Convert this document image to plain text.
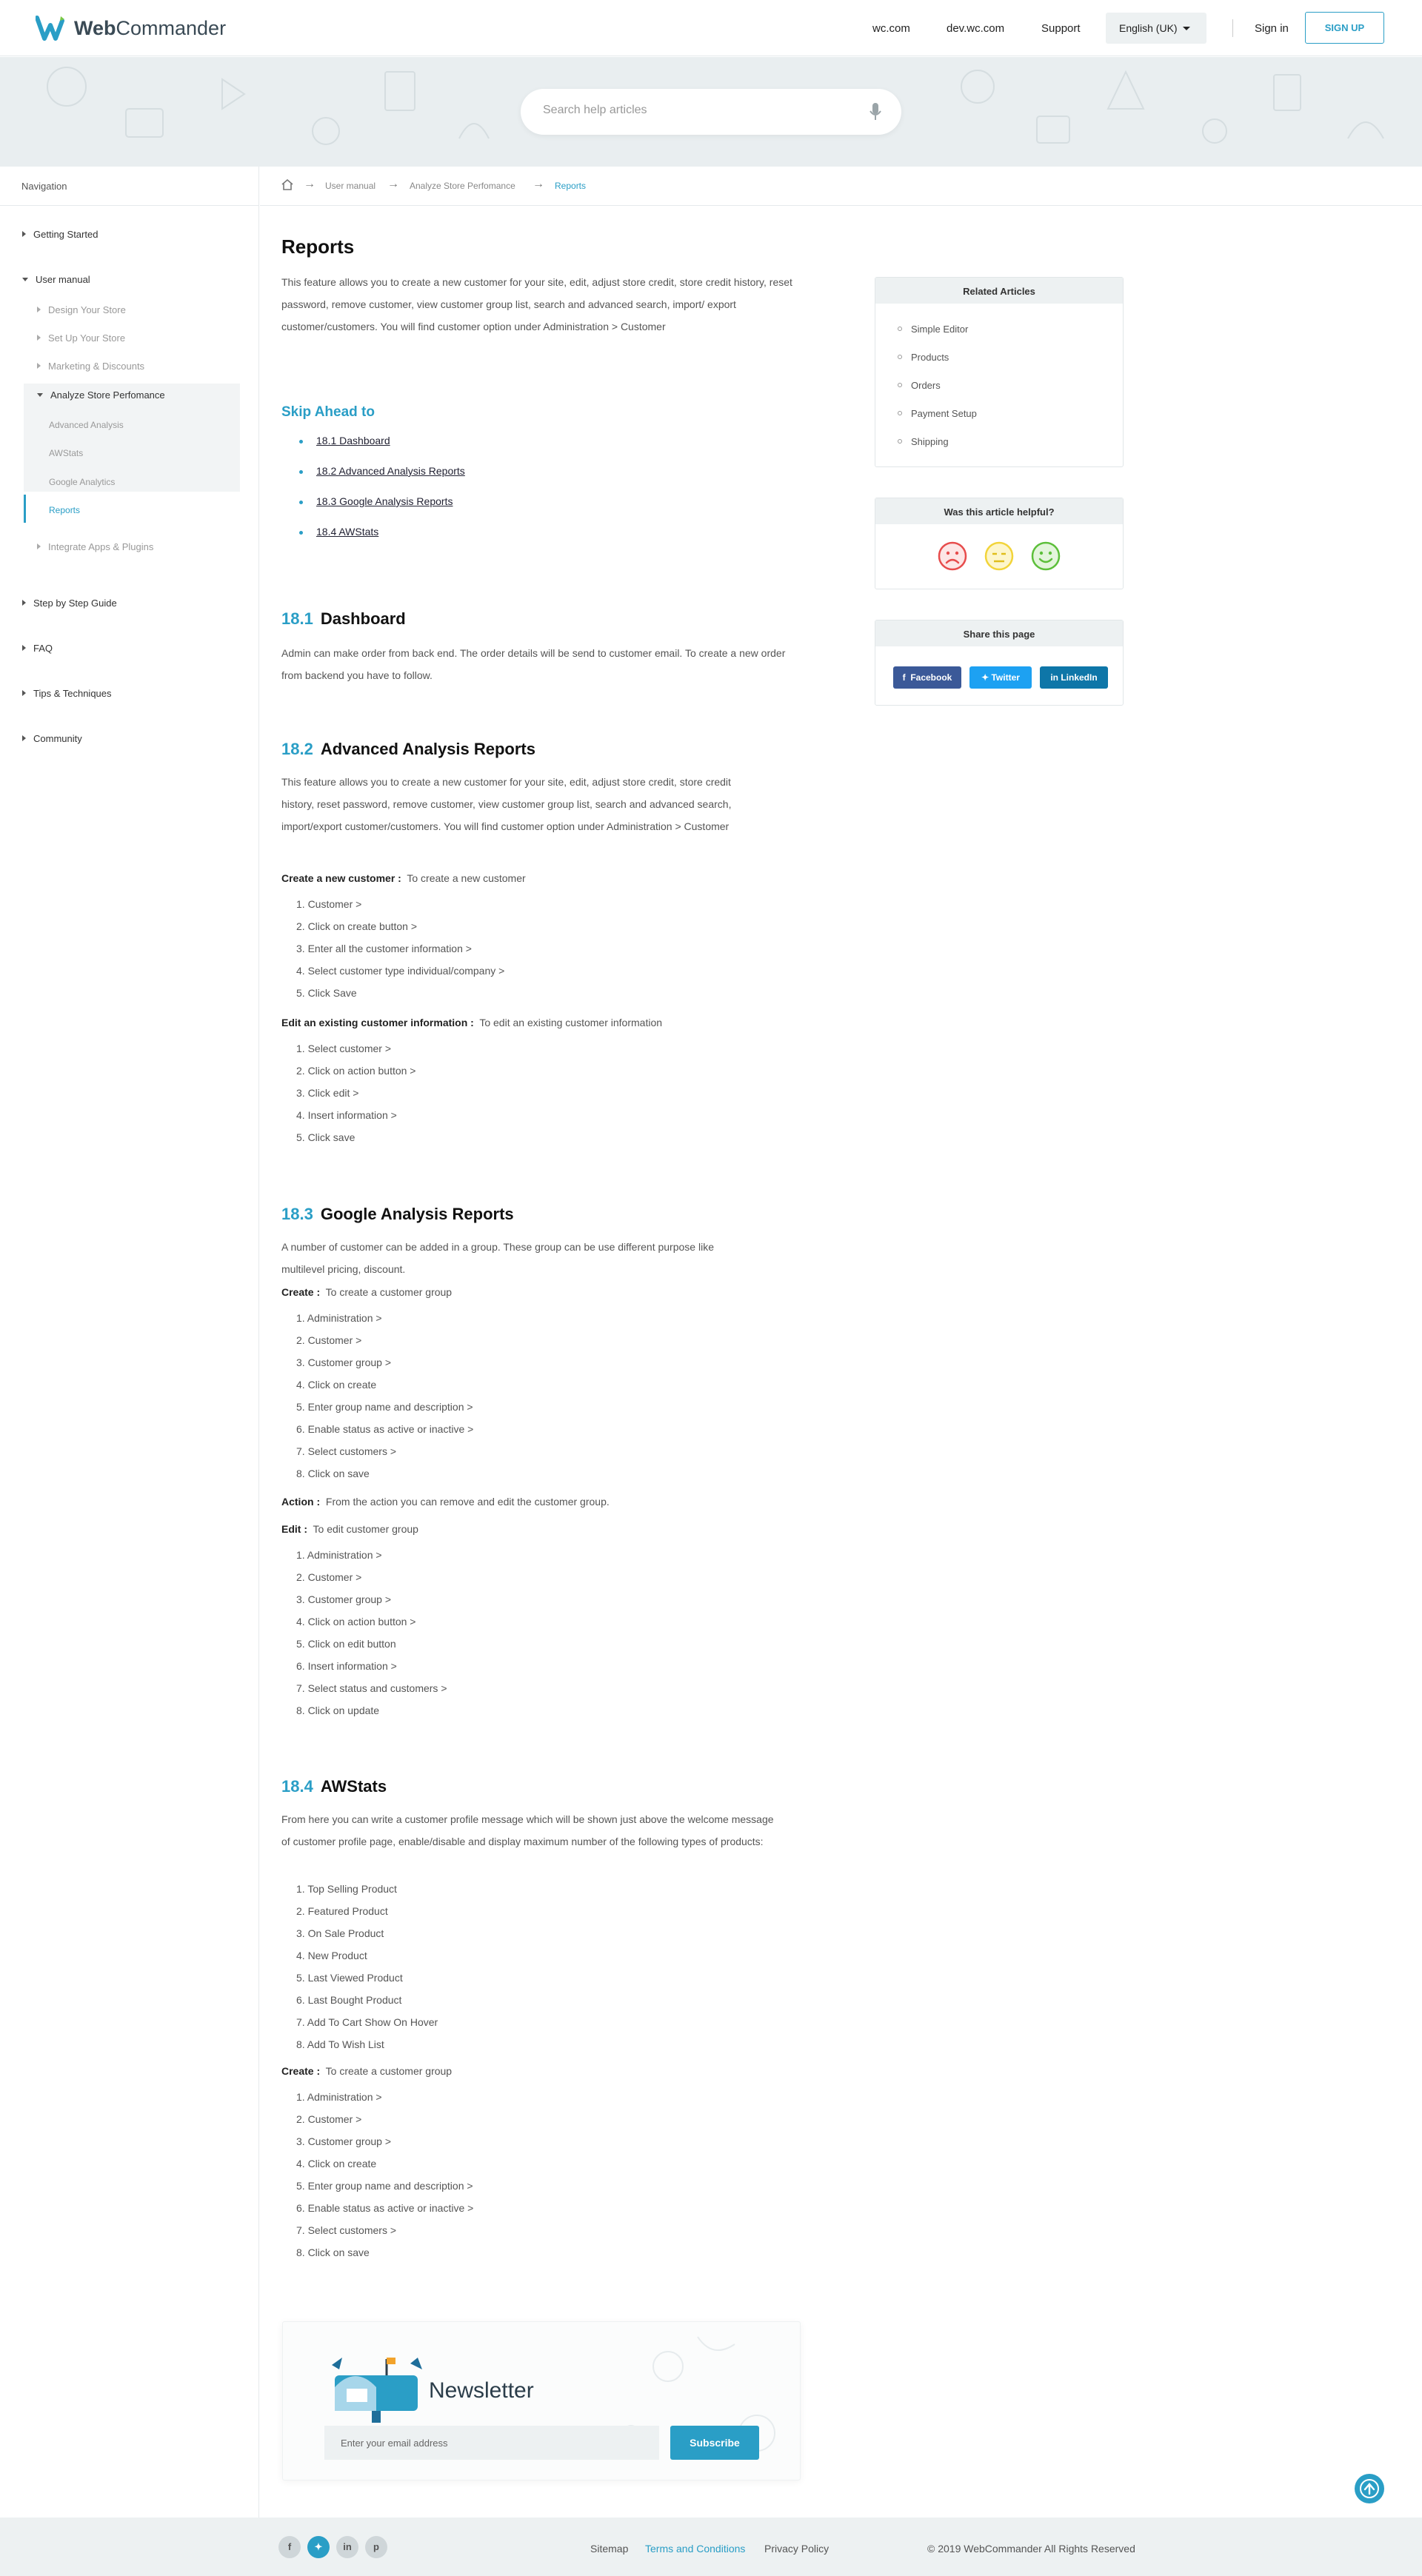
WebCommander	wc.com	dev.wc.com	Support	English (UK)	Sign in	SIGN UP
Search help articles
Navigation
Getting Started
User manual
Design Your Store
Set Up Your Store
Marketing & Discounts
Analyze Store Perfomance
Advanced Analysis
AWStats
Google Analytics
Reports
Integrate Apps & Plugins
Step by Step Guide
FAQ
Tips & Techniques
Community
→ User manual → Analyze Store Perfomance → Reports
Reports
This feature allows you to create a new customer for your site, edit, adjust store credit, store credit history, reset password, remove customer, view customer group list, search and advanced search, import/ export customer/customers. You will find customer option under Administration > Customer
Skip Ahead to
18.1 Dashboard
18.2 Advanced Analysis Reports
18.3 Google Analysis Reports
18.4 AWStats
18.1 Dashboard
Admin can make order from back end. The order details will be send to customer email. To create a new order from backend you have to follow.
18.2 Advanced Analysis Reports
This feature allows you to create a new customer for your site, edit, adjust store credit, store credit history, reset password, remove customer, view customer group list, search and advanced search, import/export customer/customers. You will find customer option under Administration > Customer
Create a new customer : To create a new customer
1. Customer >
2. Click on create button >
3. Enter all the customer information >
4. Select customer type individual/company >
5. Click Save
Edit an existing customer information : To edit an existing customer information
1. Select customer >
2. Click on action button >
3. Click edit >
4. Insert information >
5. Click save
18.3 Google Analysis Reports
A number of customer can be added in a group. These group can be use different purpose like multilevel pricing, discount.
Create : To create a customer group
1. Administration >
2. Customer >
3. Customer group >
4. Click on create
5. Enter group name and description >
6. Enable status as active or inactive >
7. Select customers >
8. Click on save
Action : From the action you can remove and edit the customer group.
Edit : To edit customer group
1. Administration >
2. Customer >
3. Customer group >
4. Click on action button >
5. Click on edit button
6. Insert information >
7. Select status and customers >
8. Click on update
18.4 AWStats
From here you can write a customer profile message which will be shown just above the welcome message of customer profile page, enable/disable and display maximum number of the following types of products:
1. Top Selling Product
2. Featured Product
3. On Sale Product
4. New Product
5. Last Viewed Product
6. Last Bought Product
7. Add To Cart Show On Hover
8. Add To Wish List
Create : To create a customer group
1. Administration >
2. Customer >
3. Customer group >
4. Click on create
5. Enter group name and description >
6. Enable status as active or inactive >
7. Select customers >
8. Click on save
Related Articles
Simple Editor
Products
Orders
Payment Setup
Shipping
Was this article helpful?
Share this page
f  Facebook	✦ Twitter	in LinkedIn
Newsletter
Enter your email address
Subscribe
f	✦	in	p	Sitemap Terms and Conditions Privacy Policy	© 2019 WebCommander All Rights Reserved
